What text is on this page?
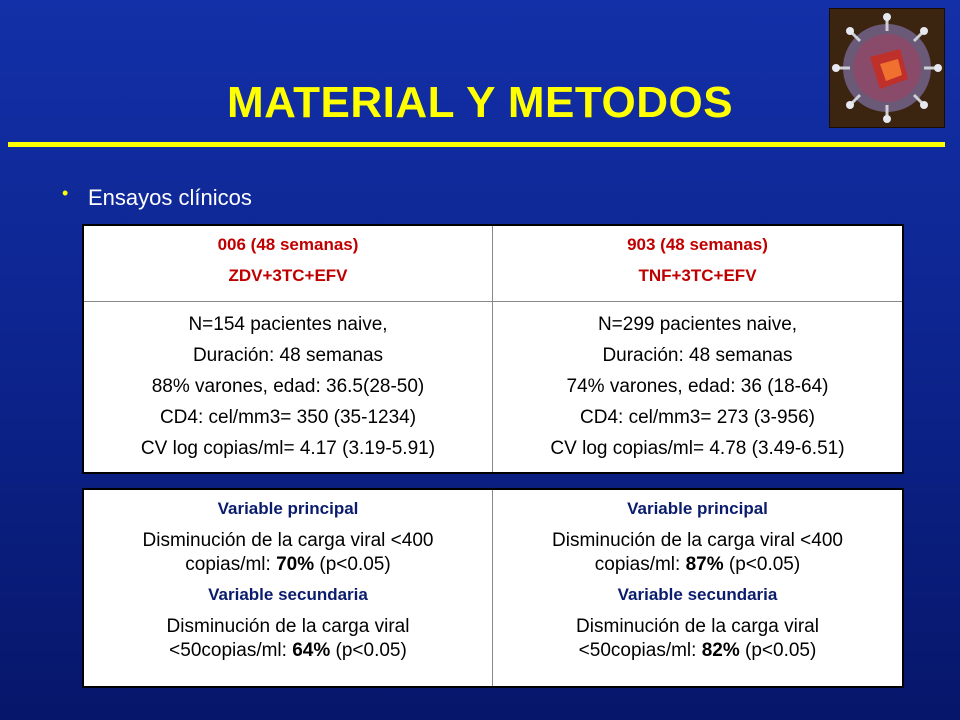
MATERIAL Y METODOS
• Ensayos clínicos
006 (48 semanas)
ZDV+3TC+EFV
903 (48 semanas)
TNF+3TC+EFV
N=154 pacientes naive,
Duración: 48 semanas
88% varones, edad: 36.5(28-50)
CD4: cel/mm3= 350 (35-1234)
CV log copias/ml= 4.17 (3.19-5.91)
N=299 pacientes naive,
Duración: 48 semanas
74% varones, edad: 36 (18-64)
CD4: cel/mm3= 273 (3-956)
CV log copias/ml= 4.78 (3.49-6.51)
Variable principal
Disminución de la carga viral <400
copias/ml: 70% (p<0.05)
Variable secundaria
Disminución de la carga viral
<50copias/ml: 64% (p<0.05)
Variable principal
Disminución de la carga viral <400
copias/ml: 87% (p<0.05)
Variable secundaria
Disminución de la carga viral
<50copias/ml: 82% (p<0.05)
